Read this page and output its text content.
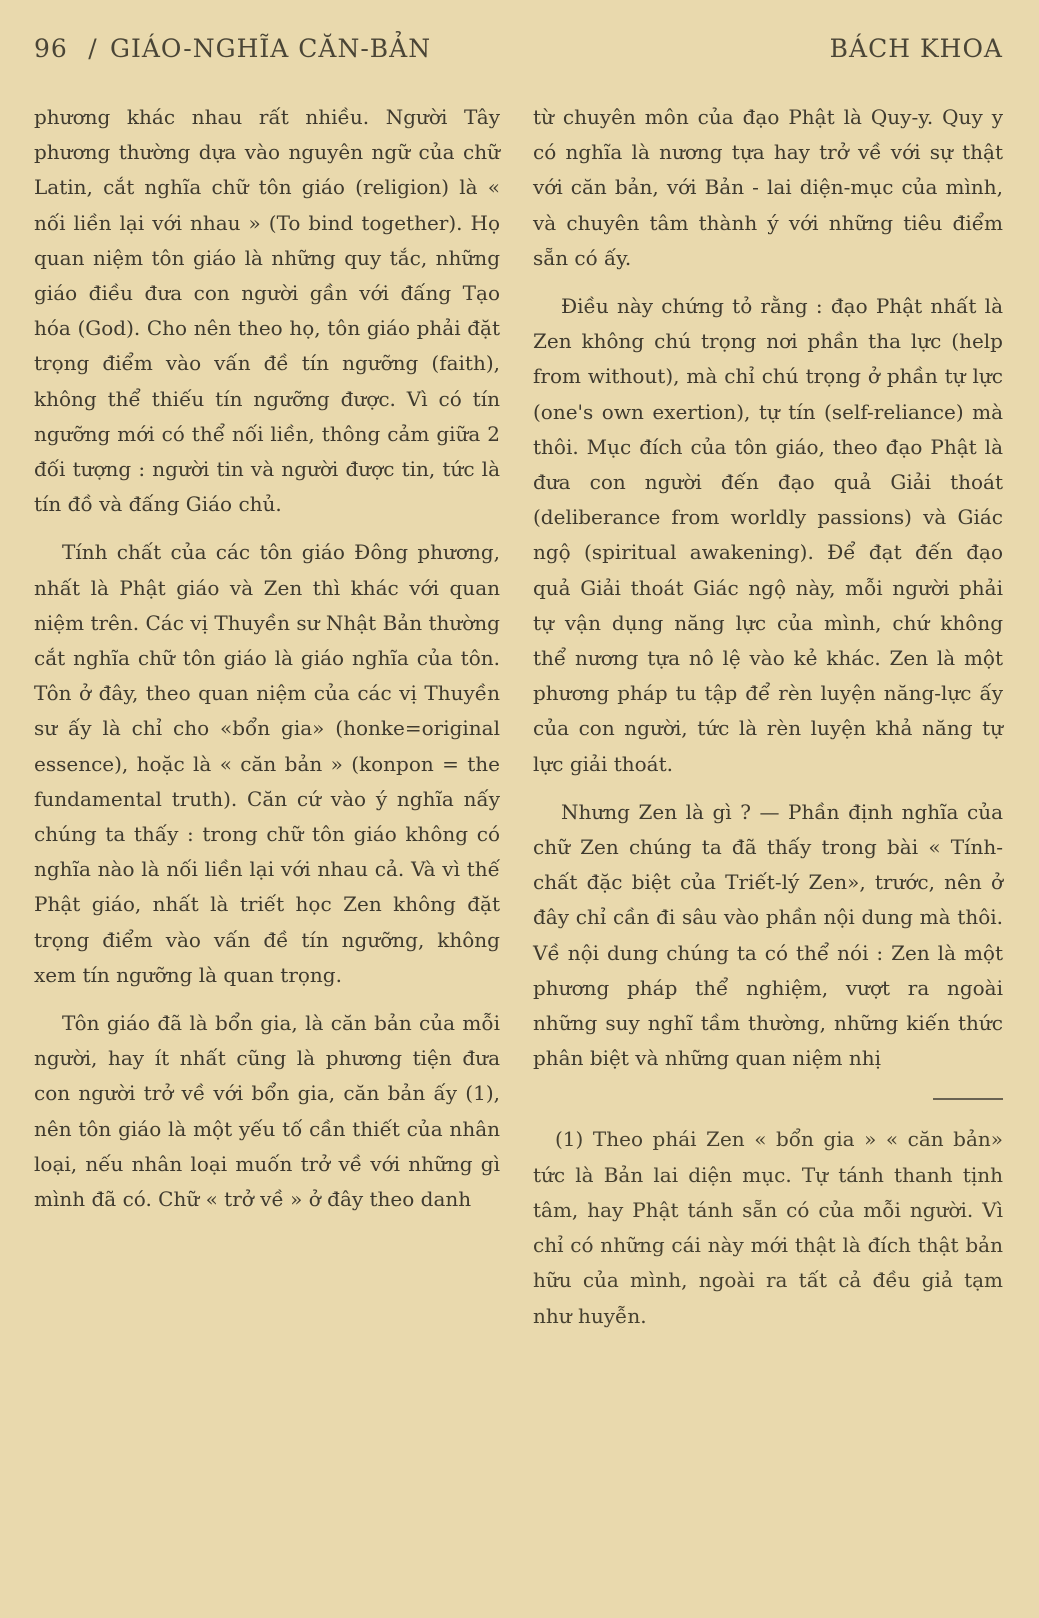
96 / GIÁO-NGHĨA CĂN-BẢN	BÁCH KHOA

phương khác nhau rất nhiều. Người Tây phương thường dựa vào nguyên ngữ của chữ Latin, cắt nghĩa chữ tôn giáo (religion) là « nối liền lại với nhau » (To bind together). Họ quan niệm tôn giáo là những quy tắc, những giáo điều đưa con người gần với đấng Tạo hóa (God). Cho nên theo họ, tôn giáo phải đặt trọng điểm vào vấn đề tín ngưỡng (faith), không thể thiếu tín ngưỡng được. Vì có tín ngưỡng mới có thể nối liền, thông cảm giữa 2 đối tượng : người tin và người được tin, tức là tín đồ và đấng Giáo chủ.

Tính chất của các tôn giáo Đông phương, nhất là Phật giáo và Zen thì khác với quan niệm trên. Các vị Thuyền sư Nhật Bản thường cắt nghĩa chữ tôn giáo là giáo nghĩa của tôn. Tôn ở đây, theo quan niệm của các vị Thuyền sư ấy là chỉ cho «bổn gia» (honke=original essence), hoặc là « căn bản » (konpon = the fundamental truth). Căn cứ vào ý nghĩa nấy chúng ta thấy : trong chữ tôn giáo không có nghĩa nào là nối liền lại với nhau cả. Và vì thế Phật giáo, nhất là triết học Zen không đặt trọng điểm vào vấn đề tín ngưỡng, không xem tín ngưỡng là quan trọng.

Tôn giáo đã là bổn gia, là căn bản của mỗi người, hay ít nhất cũng là phương tiện đưa con người trở về với bổn gia, căn bản ấy (1), nên tôn giáo là một yếu tố cần thiết của nhân loại, nếu nhân loại muốn trở về với những gì mình đã có. Chữ « trở về » ở đây theo danh

từ chuyên môn của đạo Phật là Quy-y. Quy y có nghĩa là nương tựa hay trở về với sự thật với căn bản, với Bản - lai diện-mục của mình, và chuyên tâm thành ý với những tiêu điểm sẵn có ấy.

Điều này chứng tỏ rằng : đạo Phật nhất là Zen không chú trọng nơi phần tha lực (help from without), mà chỉ chú trọng ở phần tự lực (one's own exertion), tự tín (self-reliance) mà thôi. Mục đích của tôn giáo, theo đạo Phật là đưa con người đến đạo quả Giải thoát (deliberance from worldly passions) và Giác ngộ (spiritual awakening). Để đạt đến đạo quả Giải thoát Giác ngộ này, mỗi người phải tự vận dụng năng lực của mình, chứ không thể nương tựa nô lệ vào kẻ khác. Zen là một phương pháp tu tập để rèn luyện năng-lực ấy của con người, tức là rèn luyện khả năng tự lực giải thoát.

Nhưng Zen là gì ? — Phần định nghĩa của chữ Zen chúng ta đã thấy trong bài « Tính-chất đặc biệt của Triết-lý Zen», trước, nên ở đây chỉ cần đi sâu vào phần nội dung mà thôi. Về nội dung chúng ta có thể nói : Zen là một phương pháp thể nghiệm, vượt ra ngoài những suy nghĩ tầm thường, những kiến thức phân biệt và những quan niệm nhị

(1) Theo phái Zen « bổn gia » « căn bản» tức là Bản lai diện mục. Tự tánh thanh tịnh tâm, hay Phật tánh sẵn có của mỗi người. Vì chỉ có những cái này mới thật là đích thật bản hữu của mình, ngoài ra tất cả đều giả tạm như huyễn.
